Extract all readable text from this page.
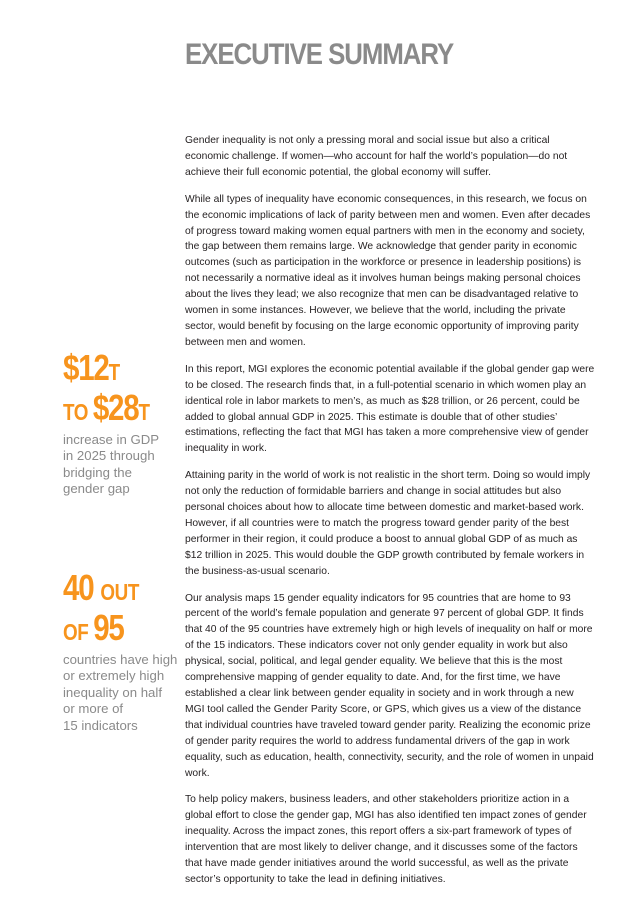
EXECUTIVE SUMMARY
$12T
TO $28T
increase in GDP
in 2025 through
bridging the
gender gap
40 OUT
OF 95
countries have high
or extremely high
inequality on half
or more of
15 indicators

Gender inequality is not only a pressing moral and social issue but also a critical economic challenge. If women—who account for half the world’s population—do not achieve their full economic potential, the global economy will suffer.

While all types of inequality have economic consequences, in this research, we focus on the economic implications of lack of parity between men and women. Even after decades of progress toward making women equal partners with men in the economy and society, the gap between them remains large. We acknowledge that gender parity in economic outcomes (such as participation in the workforce or presence in leadership positions) is not necessarily a normative ideal as it involves human beings making personal choices about the lives they lead; we also recognize that men can be disadvantaged relative to women in some instances. However, we believe that the world, including the private sector, would benefit by focusing on the large economic opportunity of improving parity between men and women.

In this report, MGI explores the economic potential available if the global gender gap were to be closed. The research finds that, in a full-potential scenario in which women play an identical role in labor markets to men’s, as much as $28 trillion, or 26 percent, could be added to global annual GDP in 2025. This estimate is double that of other studies’ estimations, reflecting the fact that MGI has taken a more comprehensive view of gender inequality in work.

Attaining parity in the world of work is not realistic in the short term. Doing so would imply not only the reduction of formidable barriers and change in social attitudes but also personal choices about how to allocate time between domestic and market-based work. However, if all countries were to match the progress toward gender parity of the best performer in their region, it could produce a boost to annual global GDP of as much as $12 trillion in 2025. This would double the GDP growth contributed by female workers in the business-as-usual scenario.

Our analysis maps 15 gender equality indicators for 95 countries that are home to 93 percent of the world’s female population and generate 97 percent of global GDP. It finds that 40 of the 95 countries have extremely high or high levels of inequality on half or more of the 15 indicators. These indicators cover not only gender equality in work but also physical, social, political, and legal gender equality. We believe that this is the most comprehensive mapping of gender equality to date. And, for the first time, we have established a clear link between gender equality in society and in work through a new MGI tool called the Gender Parity Score, or GPS, which gives us a view of the distance that individual countries have traveled toward gender parity. Realizing the economic prize of gender parity requires the world to address fundamental drivers of the gap in work equality, such as education, health, connectivity, security, and the role of women in unpaid work.

To help policy makers, business leaders, and other stakeholders prioritize action in a global effort to close the gender gap, MGI has also identified ten impact zones of gender inequality. Across the impact zones, this report offers a six-part framework of types of intervention that are most likely to deliver change, and it discusses some of the factors that have made gender initiatives around the world successful, as well as the private sector’s opportunity to take the lead in defining initiatives.
